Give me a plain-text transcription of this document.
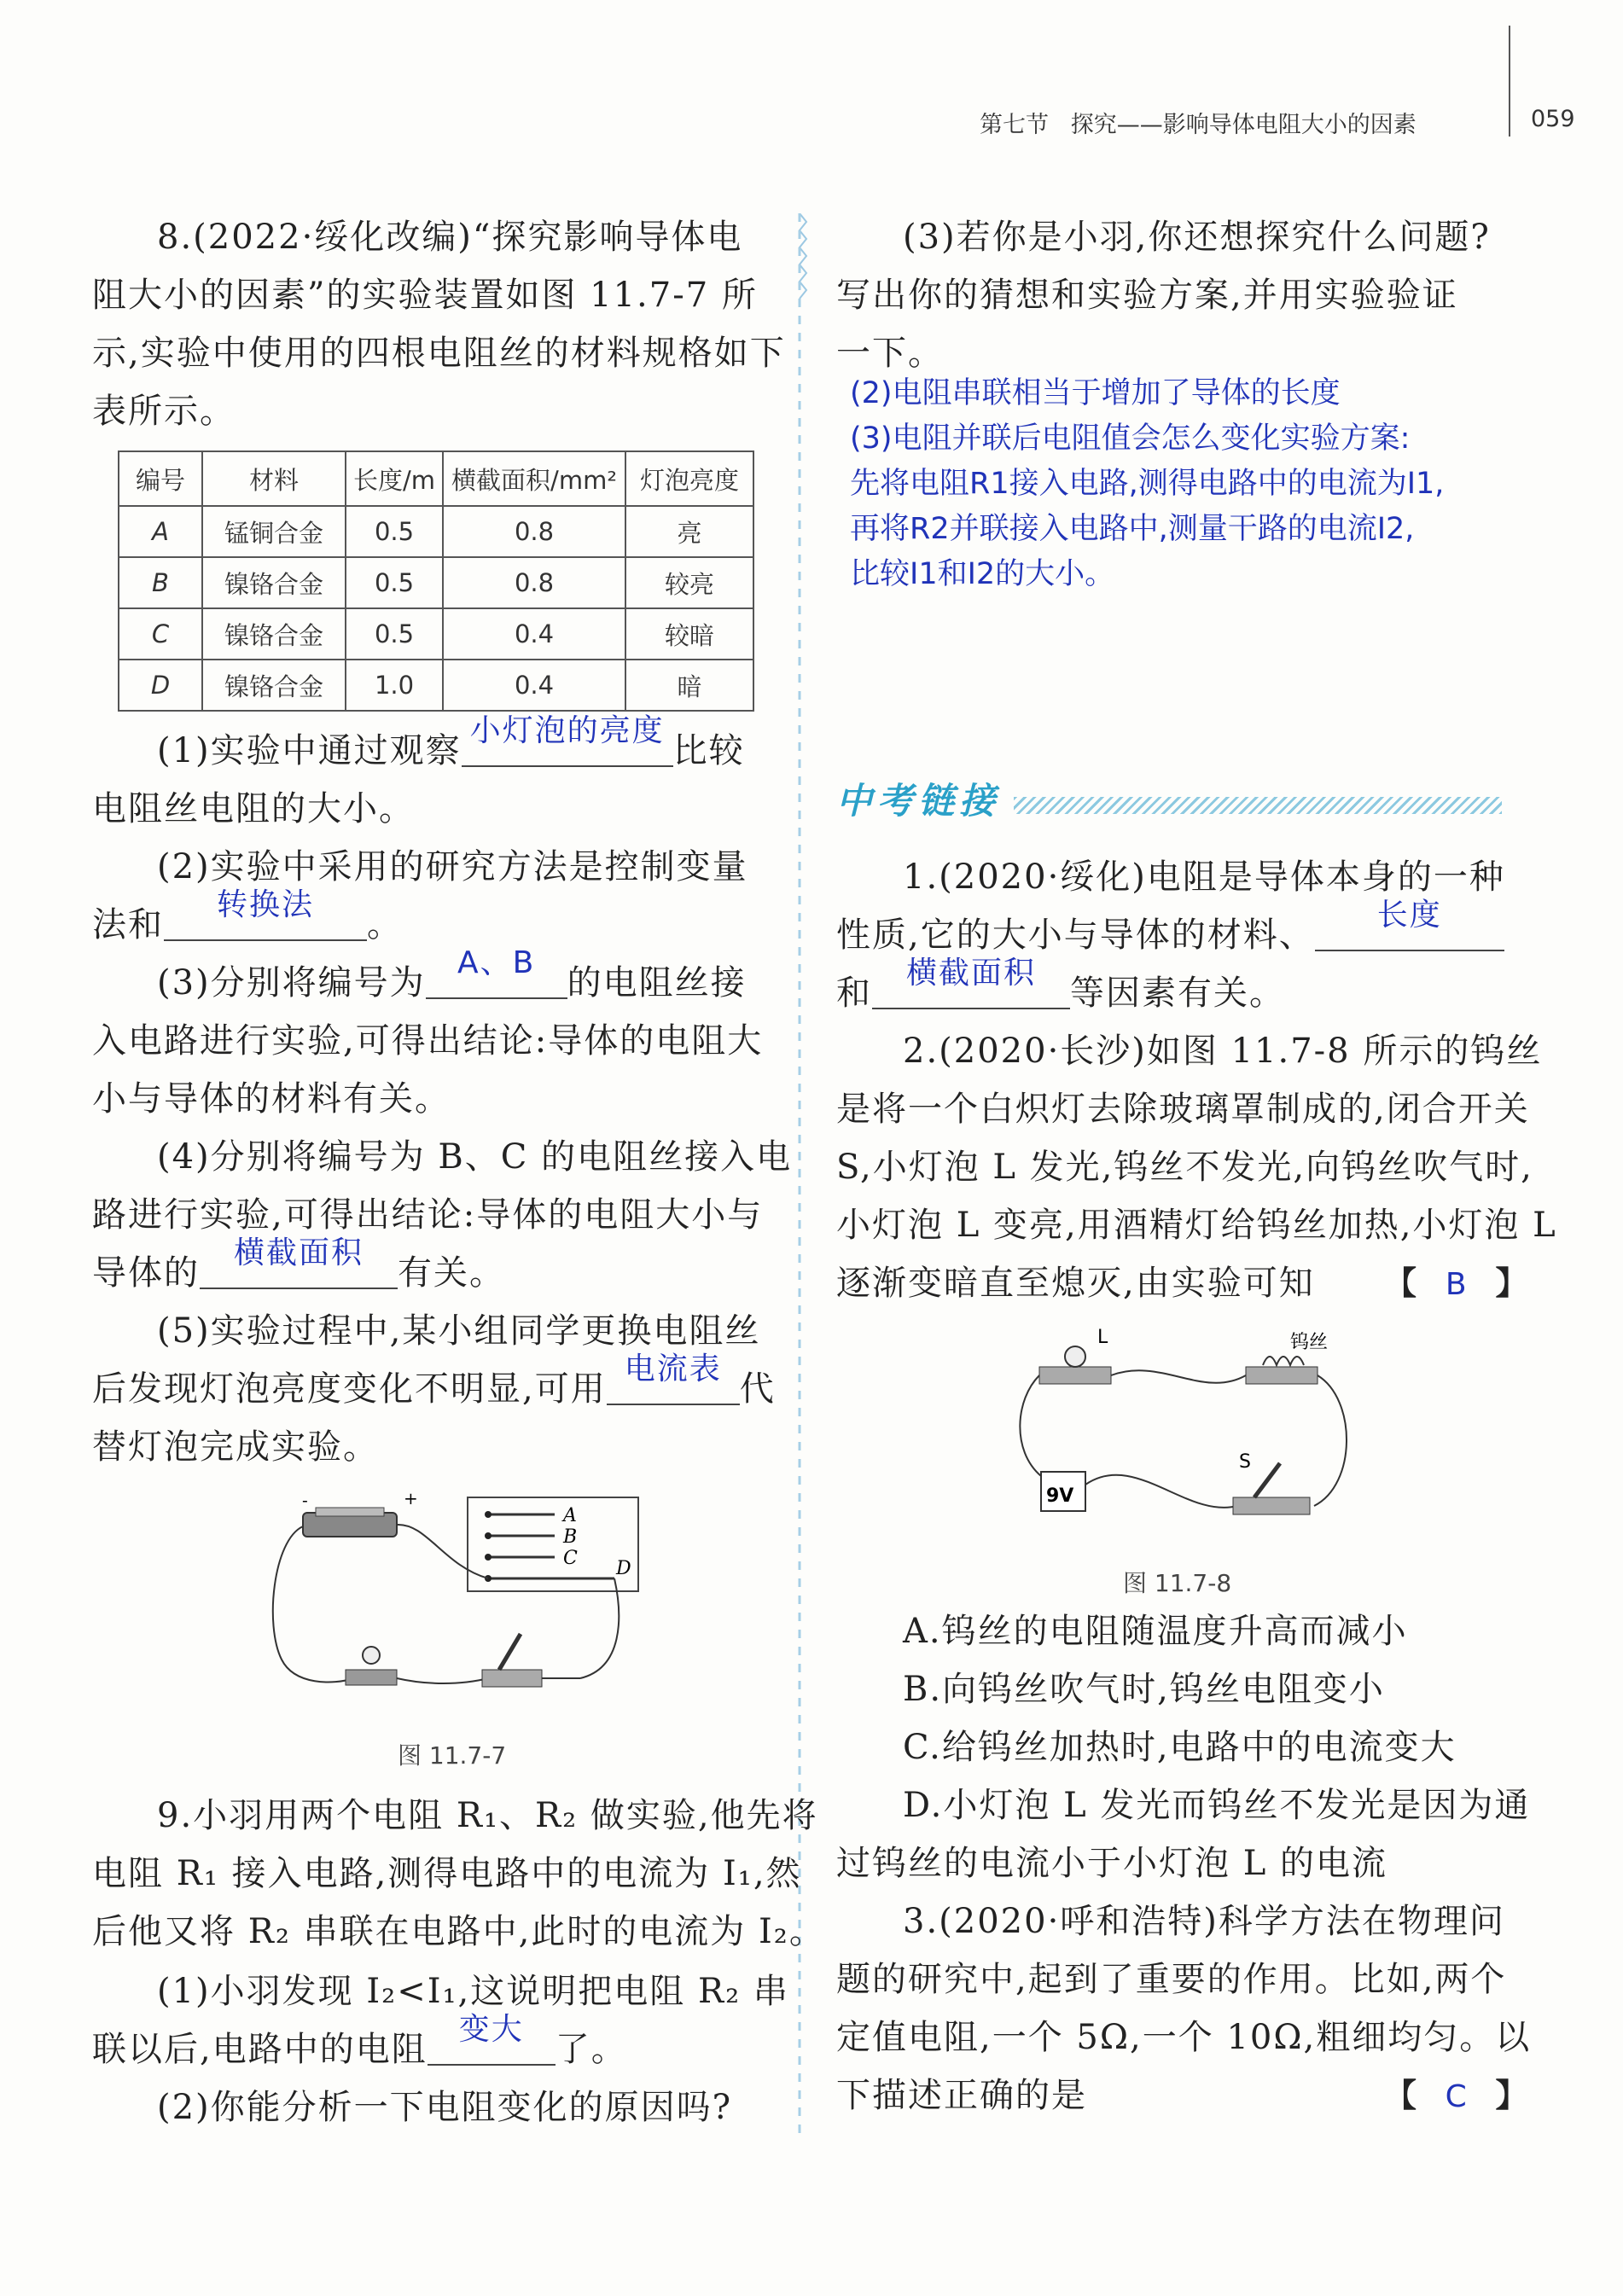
第七节 探究——影响导体电阻大小的因素	059
8.(2022·绥化改编)“探究影响导体电
阻大小的因素”的实验装置如图 11.7-7 所
示,实验中使用的四根电阻丝的材料规格如下
表所示。
编号	材料	长度/m	横截面积/mm²	灯泡亮度
A	锰铜合金	0.5	0.8	亮
B	镍铬合金	0.5	0.8	较亮
C	镍铬合金	0.5	0.4	较暗
D	镍铬合金	1.0	0.4	暗
(1)实验中通过观察
小灯泡的亮度
比较
电阻丝电阻的大小。
(2)实验中采用的研究方法是控制变量
法和
转换法
。
(3)分别将编号为
A、B
的电阻丝接
入电路进行实验,可得出结论:导体的电阻大
小与导体的材料有关。
(4)分别将编号为 B、C 的电阻丝接入电
路进行实验,可得出结论:导体的电阻大小与
导体的
横截面积
有关。
(5)实验过程中,某小组同学更换电阻丝
后发现灯泡亮度变化不明显,可用
电流表
代
替灯泡完成实验。
A
B
C D
-	+
图 11.7-7
9.小羽用两个电阻 R₁、R₂ 做实验,他先将
电阻 R₁ 接入电路,测得电路中的电流为 I₁,然
后他又将 R₂ 串联在电路中,此时的电流为 I₂。
(1)小羽发现 I₂<I₁,这说明把电阻 R₂ 串
联以后,电路中的电阻
变大
了。
(2)你能分析一下电阻变化的原因吗?
(3)若你是小羽,你还想探究什么问题?
写出你的猜想和实验方案,并用实验验证
一下。
(2)电阻串联相当于增加了导体的长度
(3)电阻并联后电阻值会怎么变化实验方案:
先将电阻R1接入电路,测得电路中的电流为I1,
再将R2并联接入电路中,测量干路的电流I2,
比较I1和I2的大小。
中考链接
1.(2020·绥化)电阻是导体本身的一种
性质,它的大小与导体的材料、
长度
和
横截面积
等因素有关。
2.(2020·长沙)如图 11.7-8 所示的钨丝
是将一个白炽灯去除玻璃罩制成的,闭合开关
S,小灯泡 L 发光,钨丝不发光,向钨丝吹气时,
小灯泡 L 变亮,用酒精灯给钨丝加热,小灯泡 L
逐渐变暗直至熄灭,由实验可知 【 B 】
L	钨丝
9V
S
图 11.7-8
A.钨丝的电阻随温度升高而减小
B.向钨丝吹气时,钨丝电阻变小
C.给钨丝加热时,电路中的电流变大
D.小灯泡 L 发光而钨丝不发光是因为通
过钨丝的电流小于小灯泡 L 的电流
3.(2020·呼和浩特)科学方法在物理问
题的研究中,起到了重要的作用。比如,两个
定值电阻,一个 5Ω,一个 10Ω,粗细均匀。以
下描述正确的是	【 C 】
